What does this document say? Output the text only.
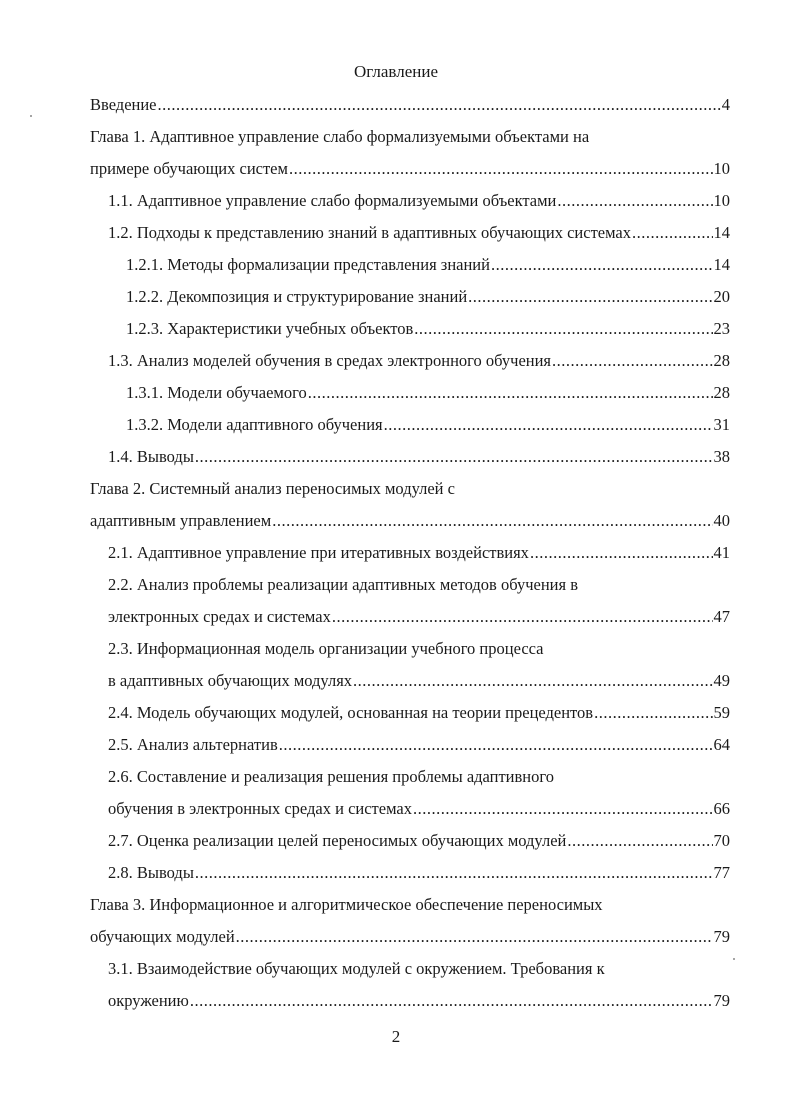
Оглавление
Введение .....	4
Глава 1. Адаптивное управление слабо формализуемыми объектами на
примере обучающих систем .....	10
1.1. Адаптивное управление слабо формализуемыми объектами .....	10
1.2. Подходы к представлению знаний в адаптивных обучающих системах .....	14
1.2.1. Методы формализации представления знаний .....	14
1.2.2. Декомпозиция и структурирование знаний .....	20
1.2.3. Характеристики учебных объектов .....	23
1.3. Анализ моделей обучения в средах электронного обучения .....	28
1.3.1. Модели обучаемого .....	28
1.3.2. Модели адаптивного обучения .....	31
1.4. Выводы .....	38
Глава 2. Системный анализ переносимых модулей с
адаптивным управлением .....	40
2.1. Адаптивное управление при итеративных воздействиях .....	41
2.2. Анализ проблемы реализации адаптивных методов обучения в
электронных средах и системах .....	47
2.3. Информационная модель организации учебного процесса
в адаптивных обучающих модулях .....	49
2.4. Модель обучающих модулей, основанная на теории прецедентов .....	59
2.5. Анализ альтернатив .....	64
2.6. Составление и реализация решения проблемы адаптивного
обучения в электронных средах и системах .....	66
2.7. Оценка реализации целей переносимых обучающих модулей .....	70
2.8. Выводы .....	77
Глава 3. Информационное и алгоритмическое обеспечение переносимых
обучающих модулей .....	79
3.1. Взаимодействие обучающих модулей с окружением. Требования к
окружению .....	79
2
